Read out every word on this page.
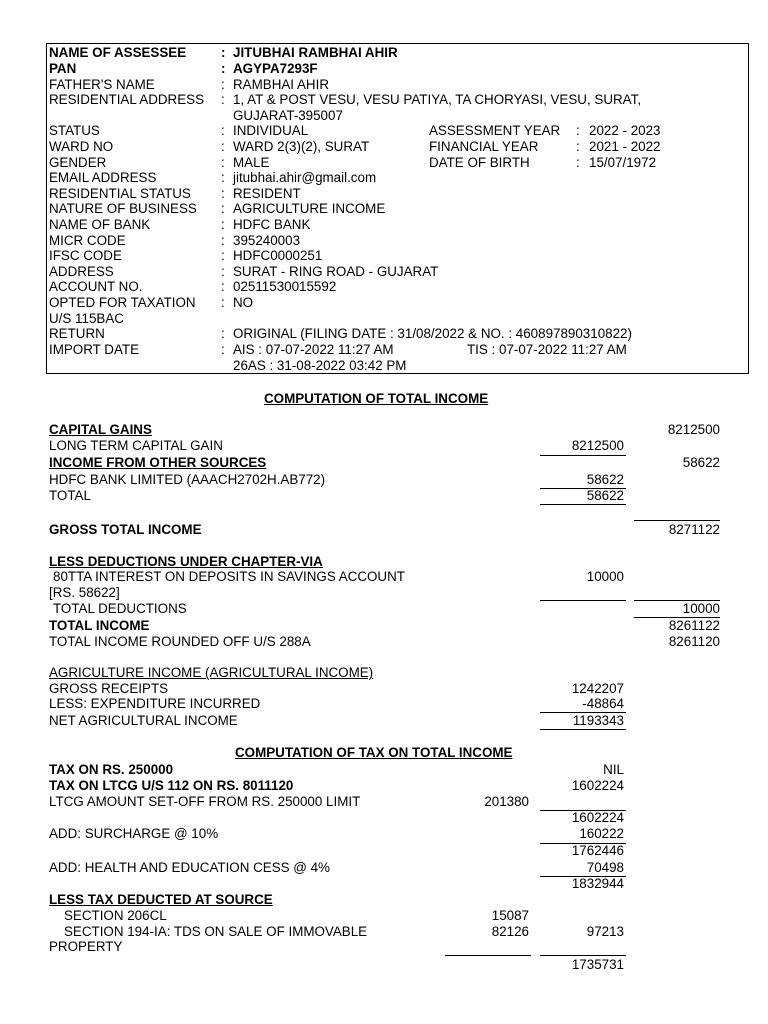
NAME OF ASSESSEE	: JITUBHAI RAMBHAI AHIR
PAN	: AGYPA7293F
FATHER'S NAME	: RAMBHAI AHIR
RESIDENTIAL ADDRESS : 1, AT & POST VESU, VESU PATIYA, TA CHORYASI, VESU, SURAT,
GUJARAT-395007
STATUS	: INDIVIDUAL	ASSESSMENT YEAR : 2022 - 2023
WARD NO	: WARD 2(3)(2), SURAT	FINANCIAL YEAR	: 2021 - 2022
GENDER	: MALE	DATE OF BIRTH	: 15/07/1972
EMAIL ADDRESS	: jitubhai.ahir@gmail.com
RESIDENTIAL STATUS : RESIDENT
NATURE OF BUSINESS : AGRICULTURE INCOME
NAME OF BANK	: HDFC BANK
MICR CODE	: 395240003
IFSC CODE	: HDFC0000251
ADDRESS	: SURAT - RING ROAD - GUJARAT
ACCOUNT NO.	: 02511530015592
OPTED FOR TAXATION : NO
U/S 115BAC
RETURN	: ORIGINAL (FILING DATE : 31/08/2022 & NO. : 460897890310822)
IMPORT DATE	: AIS : 07-07-2022 11:27 AM	TIS : 07-07-2022 11:27 AM
26AS : 31-08-2022 03:42 PM
COMPUTATION OF TOTAL INCOME
CAPITAL GAINS	8212500
LONG TERM CAPITAL GAIN	8212500
INCOME FROM OTHER SOURCES	58622
HDFC BANK LIMITED (AAACH2702H.AB772)	58622
TOTAL	58622
GROSS TOTAL INCOME	8271122
LESS DEDUCTIONS UNDER CHAPTER-VIA
80TTA INTEREST ON DEPOSITS IN SAVINGS ACCOUNT	10000
[RS. 58622]
TOTAL DEDUCTIONS	10000
TOTAL INCOME	8261122
TOTAL INCOME ROUNDED OFF U/S 288A	8261120
AGRICULTURE INCOME (AGRICULTURAL INCOME)
GROSS RECEIPTS	1242207
LESS: EXPENDITURE INCURRED	-48864
NET AGRICULTURAL INCOME	1193343
COMPUTATION OF TAX ON TOTAL INCOME
TAX ON RS. 250000	NIL
TAX ON LTCG U/S 112 ON RS. 8011120	1602224
LTCG AMOUNT SET-OFF FROM RS. 250000 LIMIT	201380
1602224
ADD: SURCHARGE @ 10%	160222
1762446
ADD: HEALTH AND EDUCATION CESS @ 4%	70498
1832944
LESS TAX DEDUCTED AT SOURCE
SECTION 206CL	15087
SECTION 194-IA: TDS ON SALE OF IMMOVABLE	82126	97213
PROPERTY
1735731
